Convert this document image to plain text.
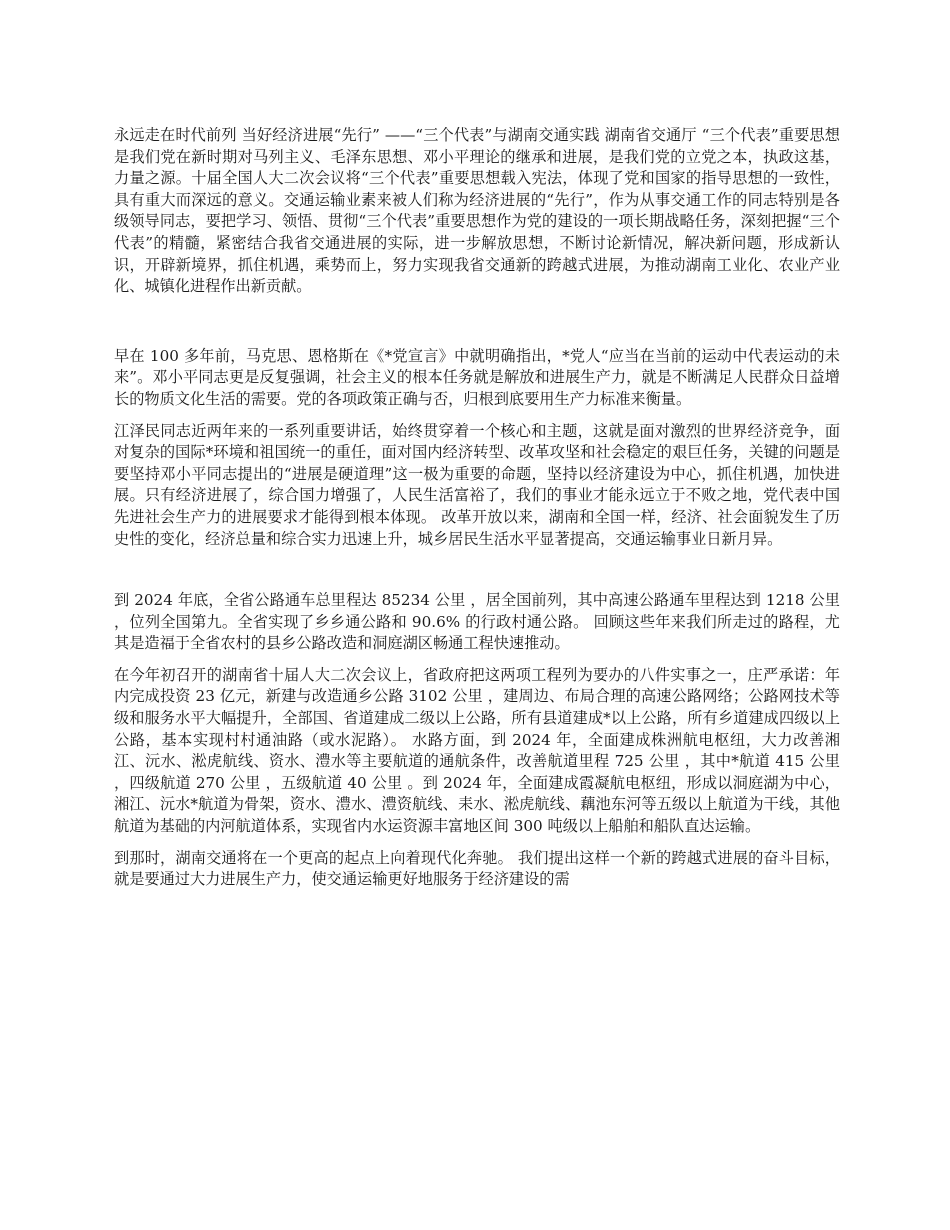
永远走在时代前列 当好经济进展“先行” ——“三个代表”与湖南交通实践 湖南省交通厅 “三个代表”重要思想是我们党在新时期对马列主义、毛泽东思想、邓小平理论的继承和进展，是我们党的立党之本，执政这基，力量之源。十届全国人大二次会议将“三个代表”重要思想载入宪法，体现了党和国家的指导思想的一致性，具有重大而深远的意义。交通运输业素来被人们称为经济进展的“先行”，作为从事交通工作的同志特别是各级领导同志，要把学习、领悟、贯彻“三个代表”重要思想作为党的建设的一项长期战略任务，深刻把握“三个代表”的精髓，紧密结合我省交通进展的实际，进一步解放思想，不断讨论新情况，解决新问题，形成新认识，开辟新境界，抓住机遇，乘势而上，努力实现我省交通新的跨越式进展，为推动湖南工业化、农业产业化、城镇化进程作出新贡献。

早在 100 多年前，马克思、恩格斯在《*党宣言》中就明确指出，*党人“应当在当前的运动中代表运动的未来”。邓小平同志更是反复强调，社会主义的根本任务就是解放和进展生产力，就是不断满足人民群众日益增长的物质文化生活的需要。党的各项政策正确与否，归根到底要用生产力标准来衡量。

江泽民同志近两年来的一系列重要讲话，始终贯穿着一个核心和主题，这就是面对激烈的世界经济竞争，面对复杂的国际*环境和祖国统一的重任，面对国内经济转型、改革攻坚和社会稳定的艰巨任务，关键的问题是要坚持邓小平同志提出的“进展是硬道理”这一极为重要的命题，坚持以经济建设为中心，抓住机遇，加快进展。只有经济进展了，综合国力增强了，人民生活富裕了，我们的事业才能永远立于不败之地，党代表中国先进社会生产力的进展要求才能得到根本体现。 改革开放以来，湖南和全国一样，经济、社会面貌发生了历史性的变化，经济总量和综合实力迅速上升，城乡居民生活水平显著提高，交通运输事业日新月异。

到 2024 年底，全省公路通车总里程达 85234 公里 ，居全国前列，其中高速公路通车里程达到 1218 公里 ，位列全国第九。全省实现了乡乡通公路和 90.6% 的行政村通公路。 回顾这些年来我们所走过的路程，尤其是造福于全省农村的县乡公路改造和洞庭湖区畅通工程快速推动。

在今年初召开的湖南省十届人大二次会议上，省政府把这两项工程列为要办的八件实事之一，庄严承诺：年内完成投资 23 亿元，新建与改造通乡公路 3102 公里 ，建周边、布局合理的高速公路网络；公路网技术等级和服务水平大幅提升，全部国、省道建成二级以上公路，所有县道建成*以上公路，所有乡道建成四级以上公路，基本实现村村通油路（或水泥路）。 水路方面，到 2024 年，全面建成株洲航电枢纽，大力改善湘江、沅水、淞虎航线、资水、澧水等主要航道的通航条件，改善航道里程 725 公里 ，其中*航道 415 公里 ，四级航道 270 公里 ，五级航道 40 公里 。到 2024 年，全面建成霞凝航电枢纽，形成以洞庭湖为中心，湘江、沅水*航道为骨架，资水、澧水、澧资航线、耒水、淞虎航线、藕池东河等五级以上航道为干线，其他航道为基础的内河航道体系，实现省内水运资源丰富地区间 300 吨级以上船舶和船队直达运输。

到那时，湖南交通将在一个更高的起点上向着现代化奔驰。 我们提出这样一个新的跨越式进展的奋斗目标，就是要通过大力进展生产力，使交通运输更好地服务于经济建设的需
